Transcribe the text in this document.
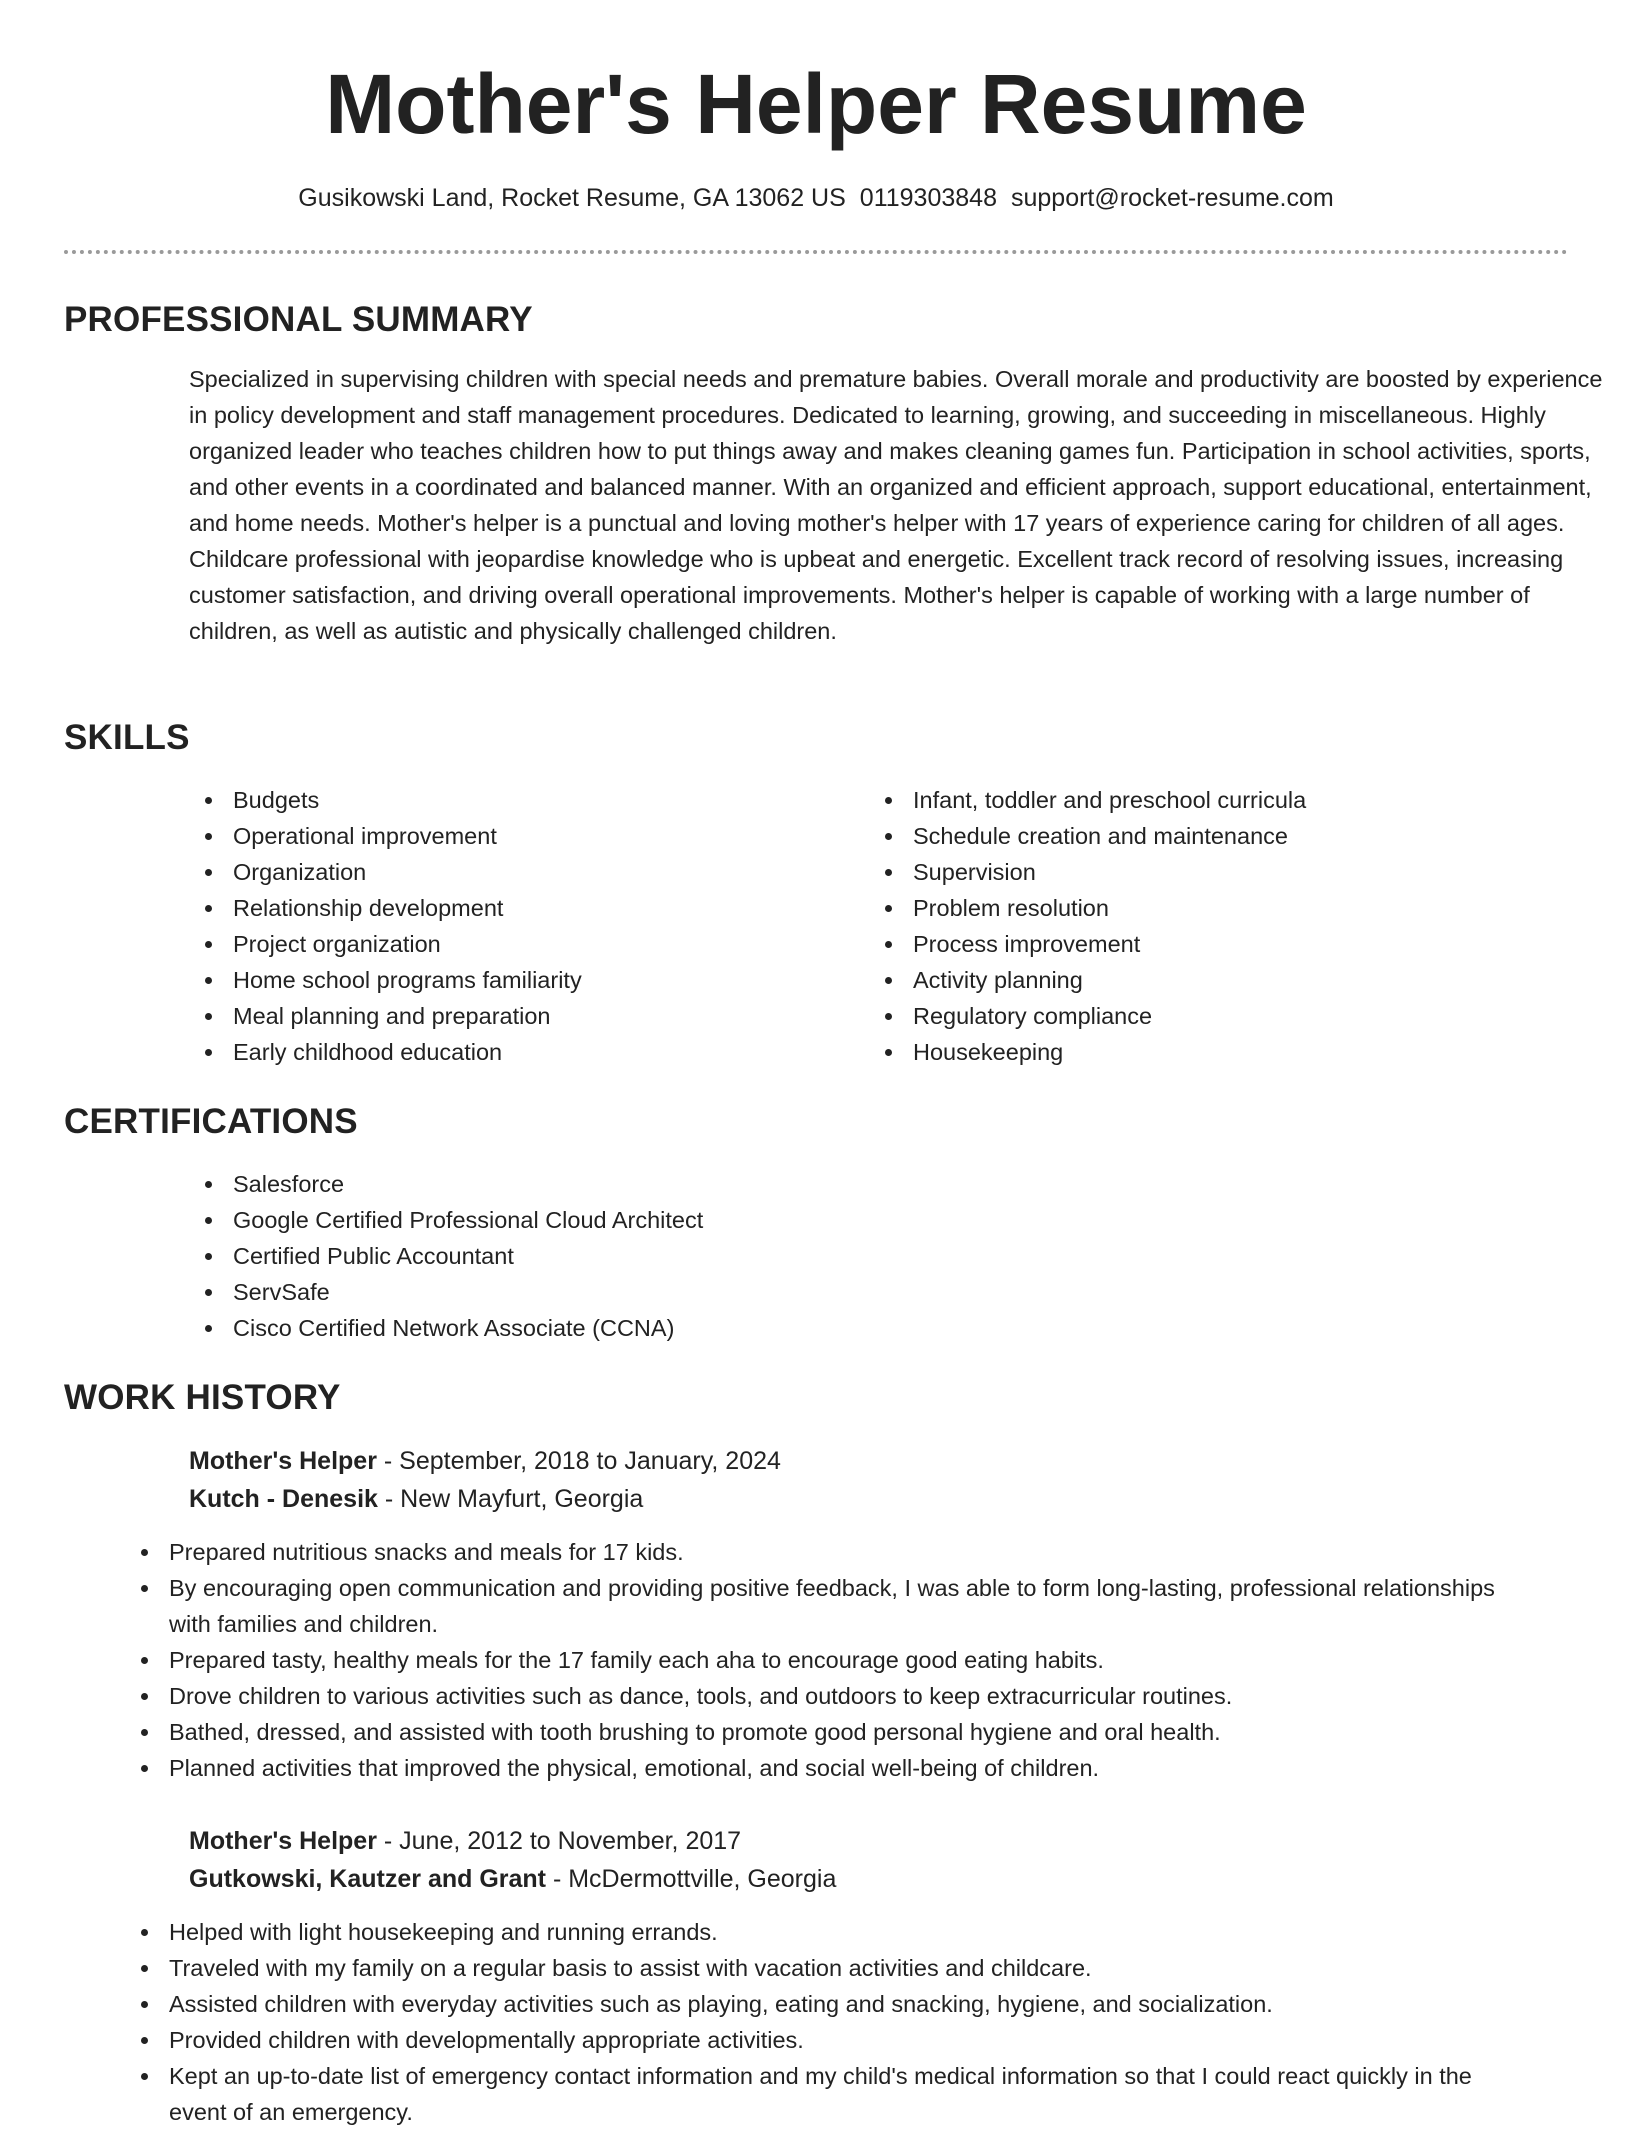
Mother's Helper Resume
Gusikowski Land, Rocket Resume, GA 13062 US 0119303848 support@rocket-resume.com
PROFESSIONAL SUMMARY
Specialized in supervising children with special needs and premature babies. Overall morale and productivity are boosted by experience in policy development and staff management procedures. Dedicated to learning, growing, and succeeding in miscellaneous. Highly organized leader who teaches children how to put things away and makes cleaning games fun. Participation in school activities, sports, and other events in a coordinated and balanced manner. With an organized and efficient approach, support educational, entertainment, and home needs. Mother's helper is a punctual and loving mother's helper with 17 years of experience caring for children of all ages. Childcare professional with jeopardise knowledge who is upbeat and energetic. Excellent track record of resolving issues, increasing customer satisfaction, and driving overall operational improvements. Mother's helper is capable of working with a large number of children, as well as autistic and physically challenged children.
SKILLS
Budgets
Operational improvement
Organization
Relationship development
Project organization
Home school programs familiarity
Meal planning and preparation
Early childhood education
Infant, toddler and preschool curricula
Schedule creation and maintenance
Supervision
Problem resolution
Process improvement
Activity planning
Regulatory compliance
Housekeeping
CERTIFICATIONS
Salesforce
Google Certified Professional Cloud Architect
Certified Public Accountant
ServSafe
Cisco Certified Network Associate (CCNA)
WORK HISTORY
Mother's Helper - September, 2018 to January, 2024
Kutch - Denesik - New Mayfurt, Georgia
Prepared nutritious snacks and meals for 17 kids.
By encouraging open communication and providing positive feedback, I was able to form long-lasting, professional relationships with families and children.
Prepared tasty, healthy meals for the 17 family each aha to encourage good eating habits.
Drove children to various activities such as dance, tools, and outdoors to keep extracurricular routines.
Bathed, dressed, and assisted with tooth brushing to promote good personal hygiene and oral health.
Planned activities that improved the physical, emotional, and social well-being of children.
Mother's Helper - June, 2012 to November, 2017
Gutkowski, Kautzer and Grant - McDermottville, Georgia
Helped with light housekeeping and running errands.
Traveled with my family on a regular basis to assist with vacation activities and childcare.
Assisted children with everyday activities such as playing, eating and snacking, hygiene, and socialization.
Provided children with developmentally appropriate activities.
Kept an up-to-date list of emergency contact information and my child's medical information so that I could react quickly in the event of an emergency.
